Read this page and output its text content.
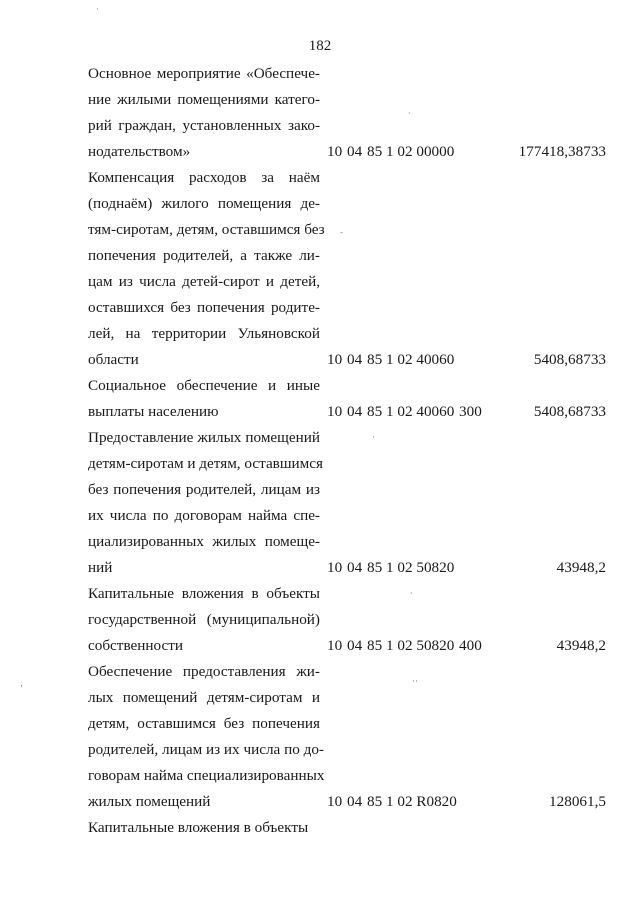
182
Основное мероприятие «Обеспече-
ние жилыми помещениями катего-
рий граждан, установленных зако-
нодательством»	10 04 85 1 02 00000	177418,38733
Компенсация расходов за наём
(поднаём) жилого помещения де-
тям-сиротам, детям, оставшимся без
попечения родителей, а также ли-
цам из числа детей-сирот и детей,
оставшихся без попечения родите-
лей, на территории Ульяновской
области	10 04 85 1 02 40060	5408,68733
Социальное обеспечение и иные
выплаты населению	10 04 85 1 02 40060 300	5408,68733
Предоставление жилых помещений
детям-сиротам и детям, оставшимся
без попечения родителей, лицам из
их числа по договорам найма спе-
циализированных жилых помеще-
ний	10 04 85 1 02 50820	43948,2
Капитальные вложения в объекты
государственной (муниципальной)
собственности	10 04 85 1 02 50820 400	43948,2
Обеспечение предоставления жи-
лых помещений детям-сиротам и
детям, оставшимся без попечения
родителей, лицам из их числа по до-
говорам найма специализированных
жилых помещений	10 04 85 1 02 R0820	128061,5
Капитальные вложения в объекты
·
ˍ
ˎ
‚
ˎ
··
·
